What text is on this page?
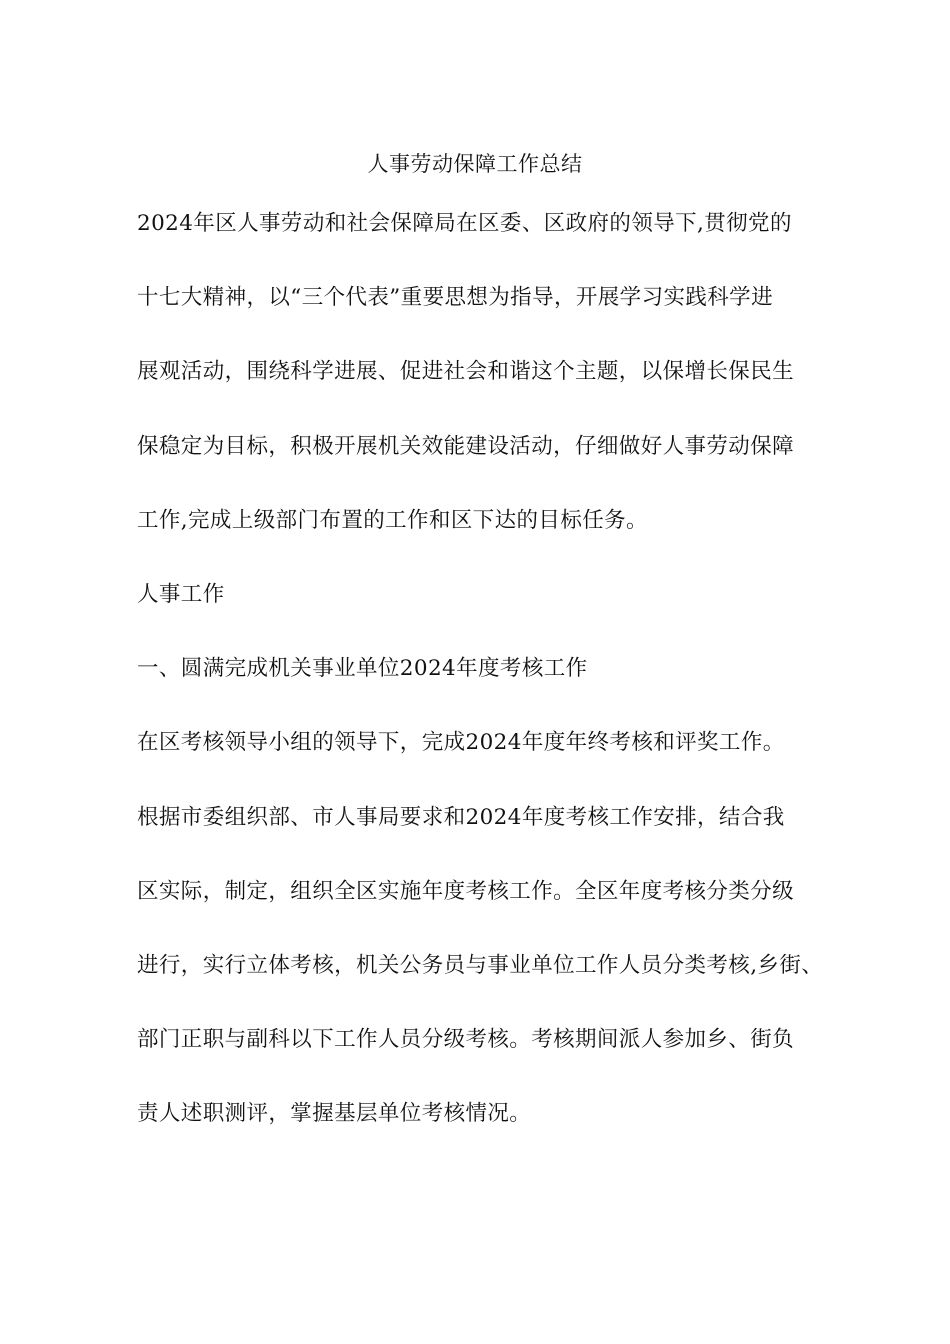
人事劳动保障工作总结
2024年区人事劳动和社会保障局在区委、区政府的领导下,贯彻党的
十七大精神，以“三个代表”重要思想为指导，开展学习实践科学进
展观活动，围绕科学进展、促进社会和谐这个主题，以保增长保民生
保稳定为目标，积极开展机关效能建设活动，仔细做好人事劳动保障
工作,完成上级部门布置的工作和区下达的目标任务。
人事工作
一、圆满完成机关事业单位2024年度考核工作
在区考核领导小组的领导下，完成2024年度年终考核和评奖工作。
根据市委组织部、市人事局要求和2024年度考核工作安排，结合我
区实际，制定，组织全区实施年度考核工作。全区年度考核分类分级
进行，实行立体考核，机关公务员与事业单位工作人员分类考核,乡街、
部门正职与副科以下工作人员分级考核。考核期间派人参加乡、街负
责人述职测评，掌握基层单位考核情况。
